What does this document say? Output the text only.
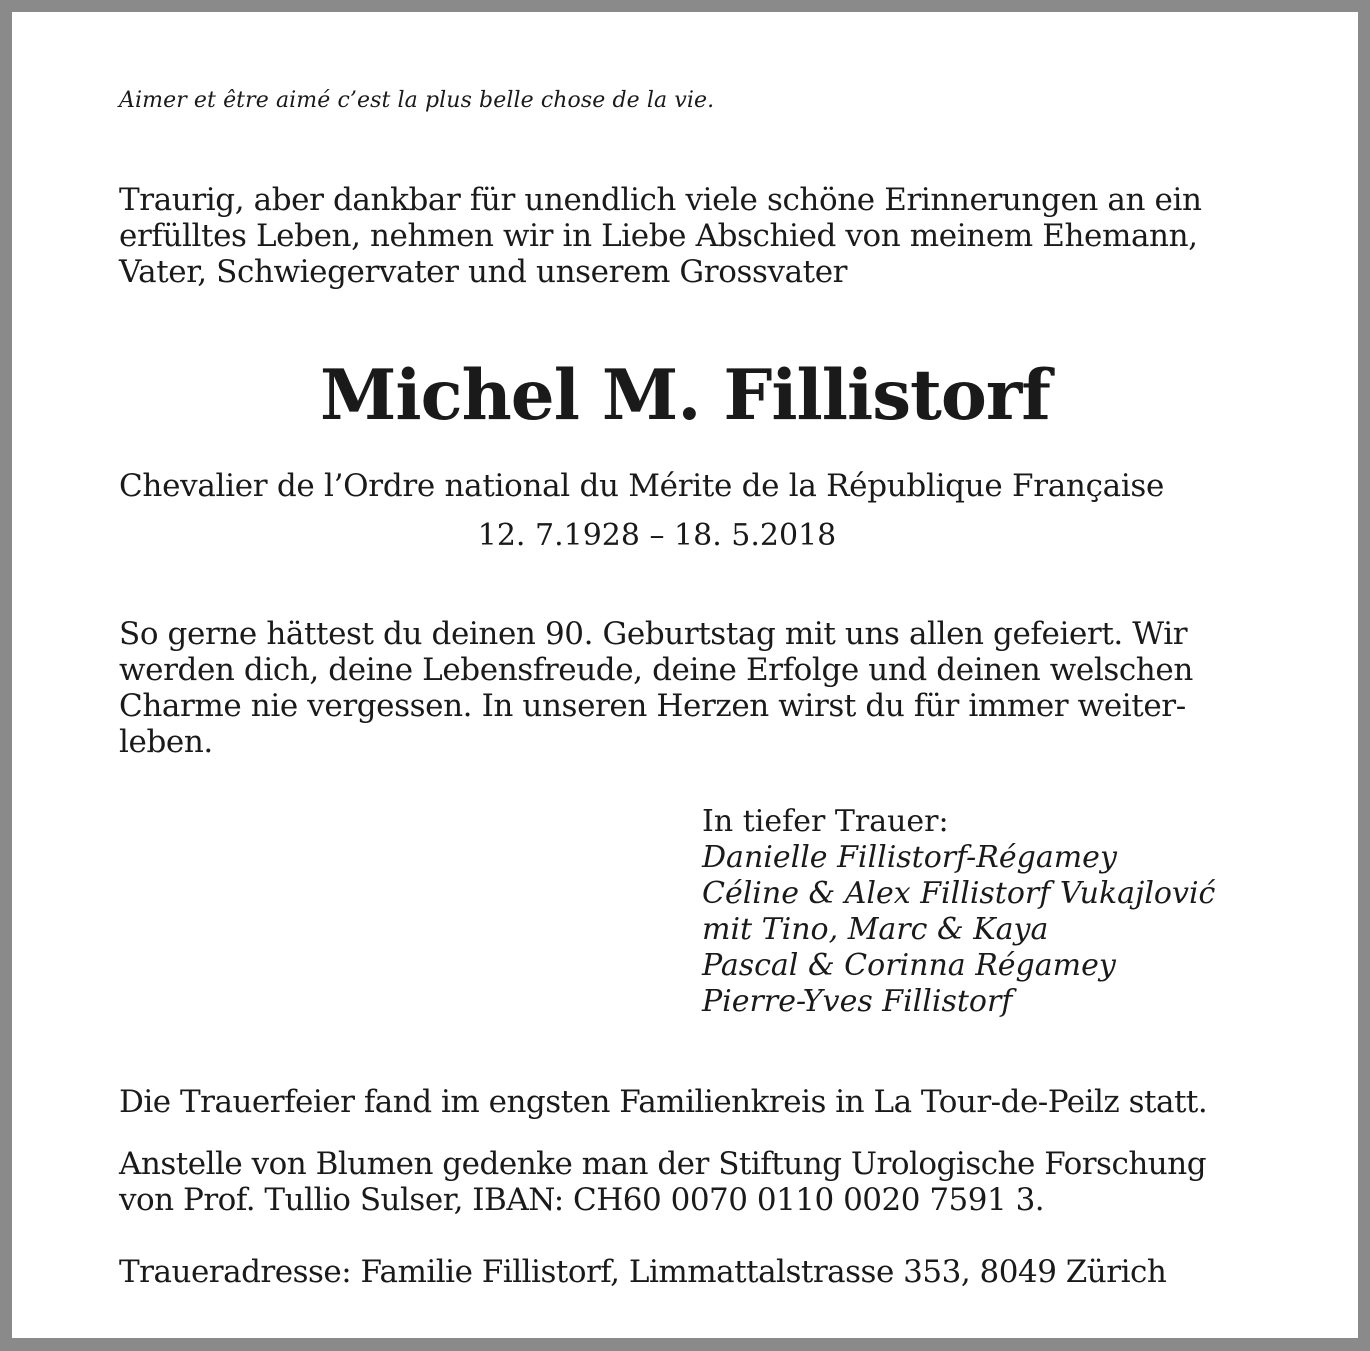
Aimer et être aimé c’est la plus belle chose de la vie.

Traurig, aber dankbar für unendlich viele schöne Erinnerungen an ein
erfülltes Leben, nehmen wir in Liebe Abschied von meinem Ehemann,
Vater, Schwiegervater und unserem Grossvater

Michel M. Fillistorf

Chevalier de l’Ordre national du Mérite de la République Française

12. 7.1928 – 18. 5.2018

So gerne hättest du deinen 90. Geburtstag mit uns allen gefeiert. Wir
werden dich, deine Lebensfreude, deine Erfolge und deinen welschen
Charme nie vergessen. In unseren Herzen wirst du für immer weiter-
leben.

In tiefer Trauer:
Danielle Fillistorf-Régamey
Céline & Alex Fillistorf Vukajlović
mit Tino, Marc & Kaya
Pascal & Corinna Régamey
Pierre-Yves Fillistorf

Die Trauerfeier fand im engsten Familienkreis in La Tour-de-Peilz statt.

Anstelle von Blumen gedenke man der Stiftung Urologische Forschung
von Prof. Tullio Sulser, IBAN: CH60 0070 0110 0020 7591 3.

Traueradresse: Familie Fillistorf, Limmattalstrasse 353, 8049 Zürich
